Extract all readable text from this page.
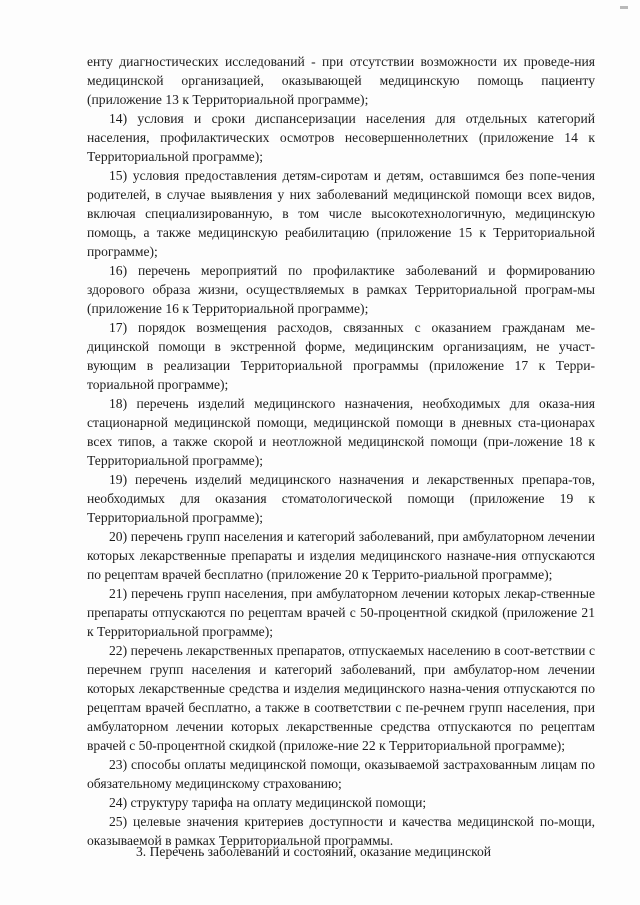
енту диагностических исследований - при отсутствии возможности их проведе-ния медицинской организацией, оказывающей медицинскую помощь пациенту (приложение 13 к Территориальной программе);

14) условия и сроки диспансеризации населения для отдельных категорий населения, профилактических осмотров несовершеннолетних (приложение 14 к Территориальной программе);

15) условия предоставления детям-сиротам и детям, оставшимся без попе-чения родителей, в случае выявления у них заболеваний медицинской помощи всех видов, включая специализированную, в том числе высокотехнологичную, медицинскую помощь, а также медицинскую реабилитацию (приложение 15 к Территориальной программе);

16) перечень мероприятий по профилактике заболеваний и формированию здорового образа жизни, осуществляемых в рамках Территориальной програм-мы (приложение 16 к Территориальной программе);

17) порядок возмещения расходов, связанных с оказанием гражданам ме-дицинской помощи в экстренной форме, медицинским организациям, не участ-вующим в реализации Территориальной программы (приложение 17 к Терри-ториальной программе);

18) перечень изделий медицинского назначения, необходимых для оказа-ния стационарной медицинской помощи, медицинской помощи в дневных ста-ционарах всех типов, а также скорой и неотложной медицинской помощи (при-ложение 18 к Территориальной программе);

19) перечень изделий медицинского назначения и лекарственных препара-тов, необходимых для оказания стоматологической помощи (приложение 19 к Территориальной программе);

20) перечень групп населения и категорий заболеваний, при амбулаторном лечении которых лекарственные препараты и изделия медицинского назначе-ния отпускаются по рецептам врачей бесплатно (приложение 20 к Террито-риальной программе);

21) перечень групп населения, при амбулаторном лечении которых лекар-ственные препараты отпускаются по рецептам врачей с 50-процентной скидкой (приложение 21 к Территориальной программе);

22) перечень лекарственных препаратов, отпускаемых населению в соот-ветствии с перечнем групп населения и категорий заболеваний, при амбулатор-ном лечении которых лекарственные средства и изделия медицинского назна-чения отпускаются по рецептам врачей бесплатно, а также в соответствии с пе-речнем групп населения, при амбулаторном лечении которых лекарственные средства отпускаются по рецептам врачей с 50-процентной скидкой (приложе-ние 22 к Территориальной программе);

23) способы оплаты медицинской помощи, оказываемой застрахованным лицам по обязательному медицинскому страхованию;

24) структуру тарифа на оплату медицинской помощи;

25) целевые значения критериев доступности и качества медицинской по-мощи, оказываемой в рамках Территориальной программы.

3. Перечень заболеваний и состояний, оказание медицинской
